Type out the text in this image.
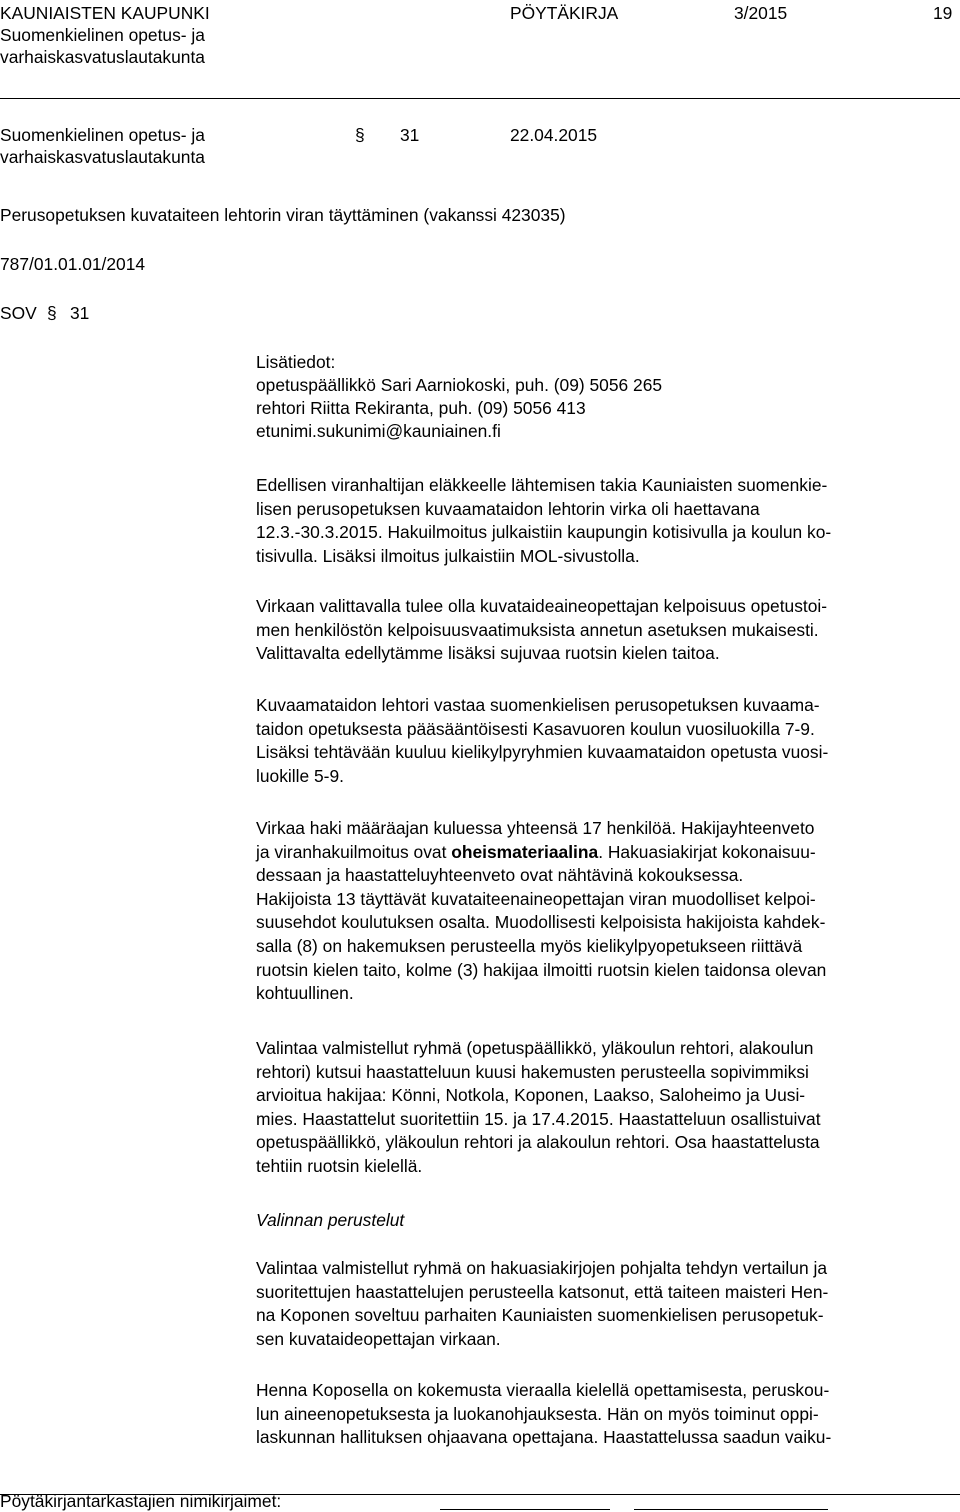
KAUNIAISTEN KAUPUNKI
Suomenkielinen opetus- ja
varhaiskasvatuslautakunta
PÖYTÄKIRJA	3/2015	19
Suomenkielinen opetus- ja
varhaiskasvatuslautakunta
§ 31	22.04.2015
Perusopetuksen kuvataiteen lehtorin viran täyttäminen (vakanssi 423035)
787/01.01.01/2014
SOV § 31
Lisätiedot:
opetuspäällikkö Sari Aarniokoski, puh. (09) 5056 265
rehtori Riitta Rekiranta, puh. (09) 5056 413
etunimi.sukunimi@kauniainen.fi
Edellisen viranhaltijan eläkkeelle lähtemisen takia Kauniaisten suomenkie-
lisen perusopetuksen kuvaamataidon lehtorin virka oli haettavana
12.3.-30.3.2015. Hakuilmoitus julkaistiin kaupungin kotisivulla ja koulun ko-
tisivulla. Lisäksi ilmoitus julkaistiin MOL-sivustolla.
Virkaan valittavalla tulee olla kuvataideaineopettajan kelpoisuus opetustoi-
men henkilöstön kelpoisuusvaatimuksista annetun asetuksen mukaisesti.
Valittavalta edellytämme lisäksi sujuvaa ruotsin kielen taitoa.
Kuvaamataidon lehtori vastaa suomenkielisen perusopetuksen kuvaama-
taidon opetuksesta pääsääntöisesti Kasavuoren koulun vuosiluokilla 7-9.
Lisäksi tehtävään kuuluu kielikylpyryhmien kuvaamataidon opetusta vuosi-
luokille 5-9.
Virkaa haki määräajan kuluessa yhteensä 17 henkilöä. Hakijayhteenveto
ja viranhakuilmoitus ovat oheismateriaalina. Hakuasiakirjat kokonaisuu-
dessaan ja haastatteluyhteenveto ovat nähtävinä kokouksessa.
Hakijoista 13 täyttävät kuvataiteenaineopettajan viran muodolliset kelpoi-
suusehdot koulutuksen osalta. Muodollisesti kelpoisista hakijoista kahdek-
salla (8) on hakemuksen perusteella myös kielikylpyopetukseen riittävä
ruotsin kielen taito, kolme (3) hakijaa ilmoitti ruotsin kielen taidonsa olevan
kohtuullinen.
Valintaa valmistellut ryhmä (opetuspäällikkö, yläkoulun rehtori, alakoulun
rehtori) kutsui haastatteluun kuusi hakemusten perusteella sopivimmiksi
arvioitua hakijaa: Könni, Notkola, Koponen, Laakso, Saloheimo ja Uusi-
mies. Haastattelut suoritettiin 15. ja 17.4.2015. Haastatteluun osallistuivat
opetuspäällikkö, yläkoulun rehtori ja alakoulun rehtori. Osa haastattelusta
tehtiin ruotsin kielellä.
Valinnan perustelut
Valintaa valmistellut ryhmä on hakuasiakirjojen pohjalta tehdyn vertailun ja
suoritettujen haastattelujen perusteella katsonut, että taiteen maisteri Hen-
na Koponen soveltuu parhaiten Kauniaisten suomenkielisen perusopetuk-
sen kuvataideopettajan virkaan.
Henna Koposella on kokemusta vieraalla kielellä opettamisesta, peruskou-
lun aineenopetuksesta ja luokanohjauksesta. Hän on myös toiminut oppi-
laskunnan hallituksen ohjaavana opettajana. Haastattelussa saadun vaiku-
Pöytäkirjantarkastajien nimikirjaimet:
